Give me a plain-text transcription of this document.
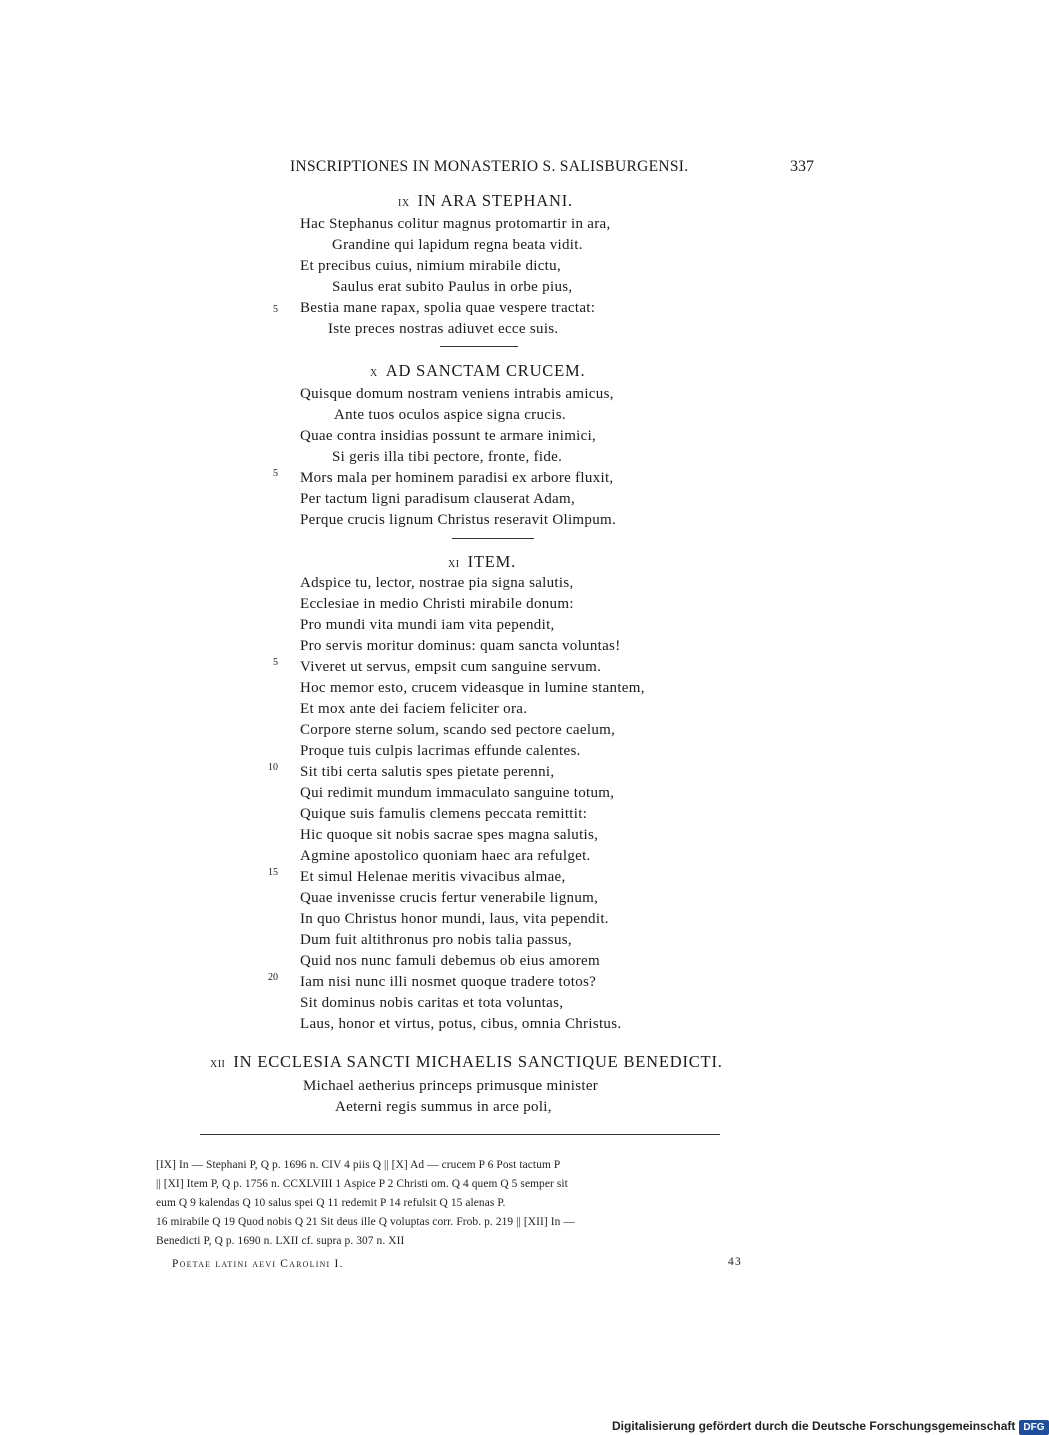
INSCRIPTIONES IN MONASTERIO S. SALISBURGENSI.	337
IX IN ARA STEPHANI.
Hac Stephanus colitur magnus protomartir in ara,
Grandine qui lapidum regna beata vidit.
Et precibus cuius, nimium mirabile dictu,
Saulus erat subito Paulus in orbe pius,
Bestia mane rapax, spolia quae vespere tractat:
Iste preces nostras adiuvet ecce suis.
5
X AD SANCTAM CRUCEM.
Quisque domum nostram veniens intrabis amicus,
Ante tuos oculos aspice signa crucis.
Quae contra insidias possunt te armare inimici,
Si geris illa tibi pectore, fronte, fide.
Mors mala per hominem paradisi ex arbore fluxit,
Per tactum ligni paradisum clauserat Adam,
Perque crucis lignum Christus reseravit Olimpum.
5
XI ITEM.
Adspice tu, lector, nostrae pia signa salutis,
Ecclesiae in medio Christi mirabile donum:
Pro mundi vita mundi iam vita pependit,
Pro servis moritur dominus: quam sancta voluntas!
Viveret ut servus, empsit cum sanguine servum.
Hoc memor esto, crucem videasque in lumine stantem,
Et mox ante dei faciem feliciter ora.
Corpore sterne solum, scando sed pectore caelum,
Proque tuis culpis lacrimas effunde calentes.
Sit tibi certa salutis spes pietate perenni,
Qui redimit mundum immaculato sanguine totum,
Quique suis famulis clemens peccata remittit:
Hic quoque sit nobis sacrae spes magna salutis,
Agmine apostolico quoniam haec ara refulget.
Et simul Helenae meritis vivacibus almae,
Quae invenisse crucis fertur venerabile lignum,
In quo Christus honor mundi, laus, vita pependit.
Dum fuit altithronus pro nobis talia passus,
Quid nos nunc famuli debemus ob eius amorem
Iam nisi nunc illi nosmet quoque tradere totos?
Sit dominus nobis caritas et tota voluntas,
Laus, honor et virtus, potus, cibus, omnia Christus.
5
10
15
20
XII IN ECCLESIA SANCTI MICHAELIS SANCTIQUE BENEDICTI.
Michael aetherius princeps primusque minister
Aeterni regis summus in arce poli,
[IX] In — Stephani P, Q p. 1696 n. CIV 4 piis Q || [X] Ad — crucem P 6 Post tactum P
|| [XI] Item P, Q p. 1756 n. CCXLVIII 1 Aspice P 2 Christi om. Q 4 quem Q 5 semper sit
eum Q 9 kalendas Q 10 salus spei Q 11 redemit P 14 refulsit Q 15 alenas P.
16 mirabile Q 19 Quod nobis Q 21 Sit deus ille Q voluptas corr. Frob. p. 219 || [XII] In —
Benedicti P, Q p. 1690 n. LXII cf. supra p. 307 n. XII
Poetae latini aevi Carolini I.	43
Digitalisierung gefördert durch die Deutsche Forschungsgemeinschaft DFG
